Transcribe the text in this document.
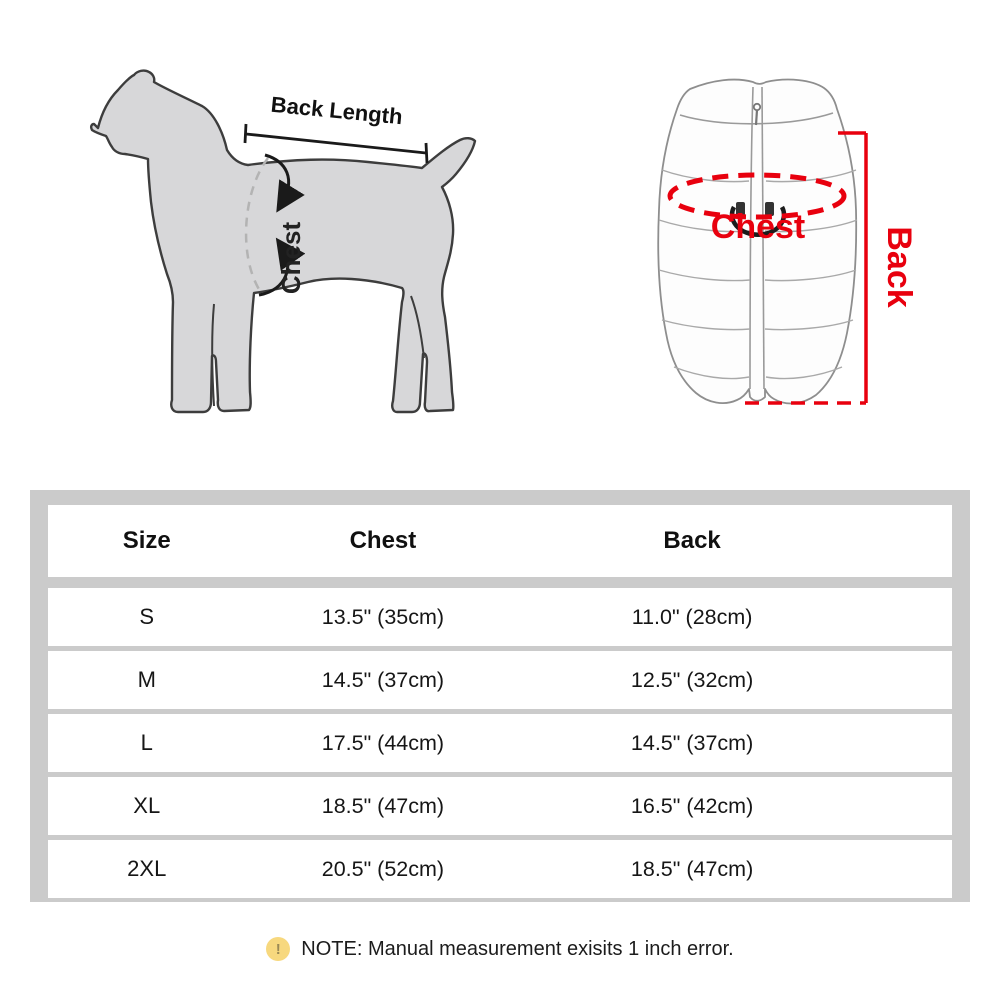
Back Length
Chest	Chest Back
Size	Chest	Back
S	13.5" (35cm)	11.0" (28cm)
M	14.5" (37cm)	12.5" (32cm)
L	17.5" (44cm)	14.5" (37cm)
XL	18.5" (47cm)	16.5" (42cm)
2XL	20.5" (52cm)	18.5" (47cm)
!	NOTE: Manual measurement exisits 1 inch error.
